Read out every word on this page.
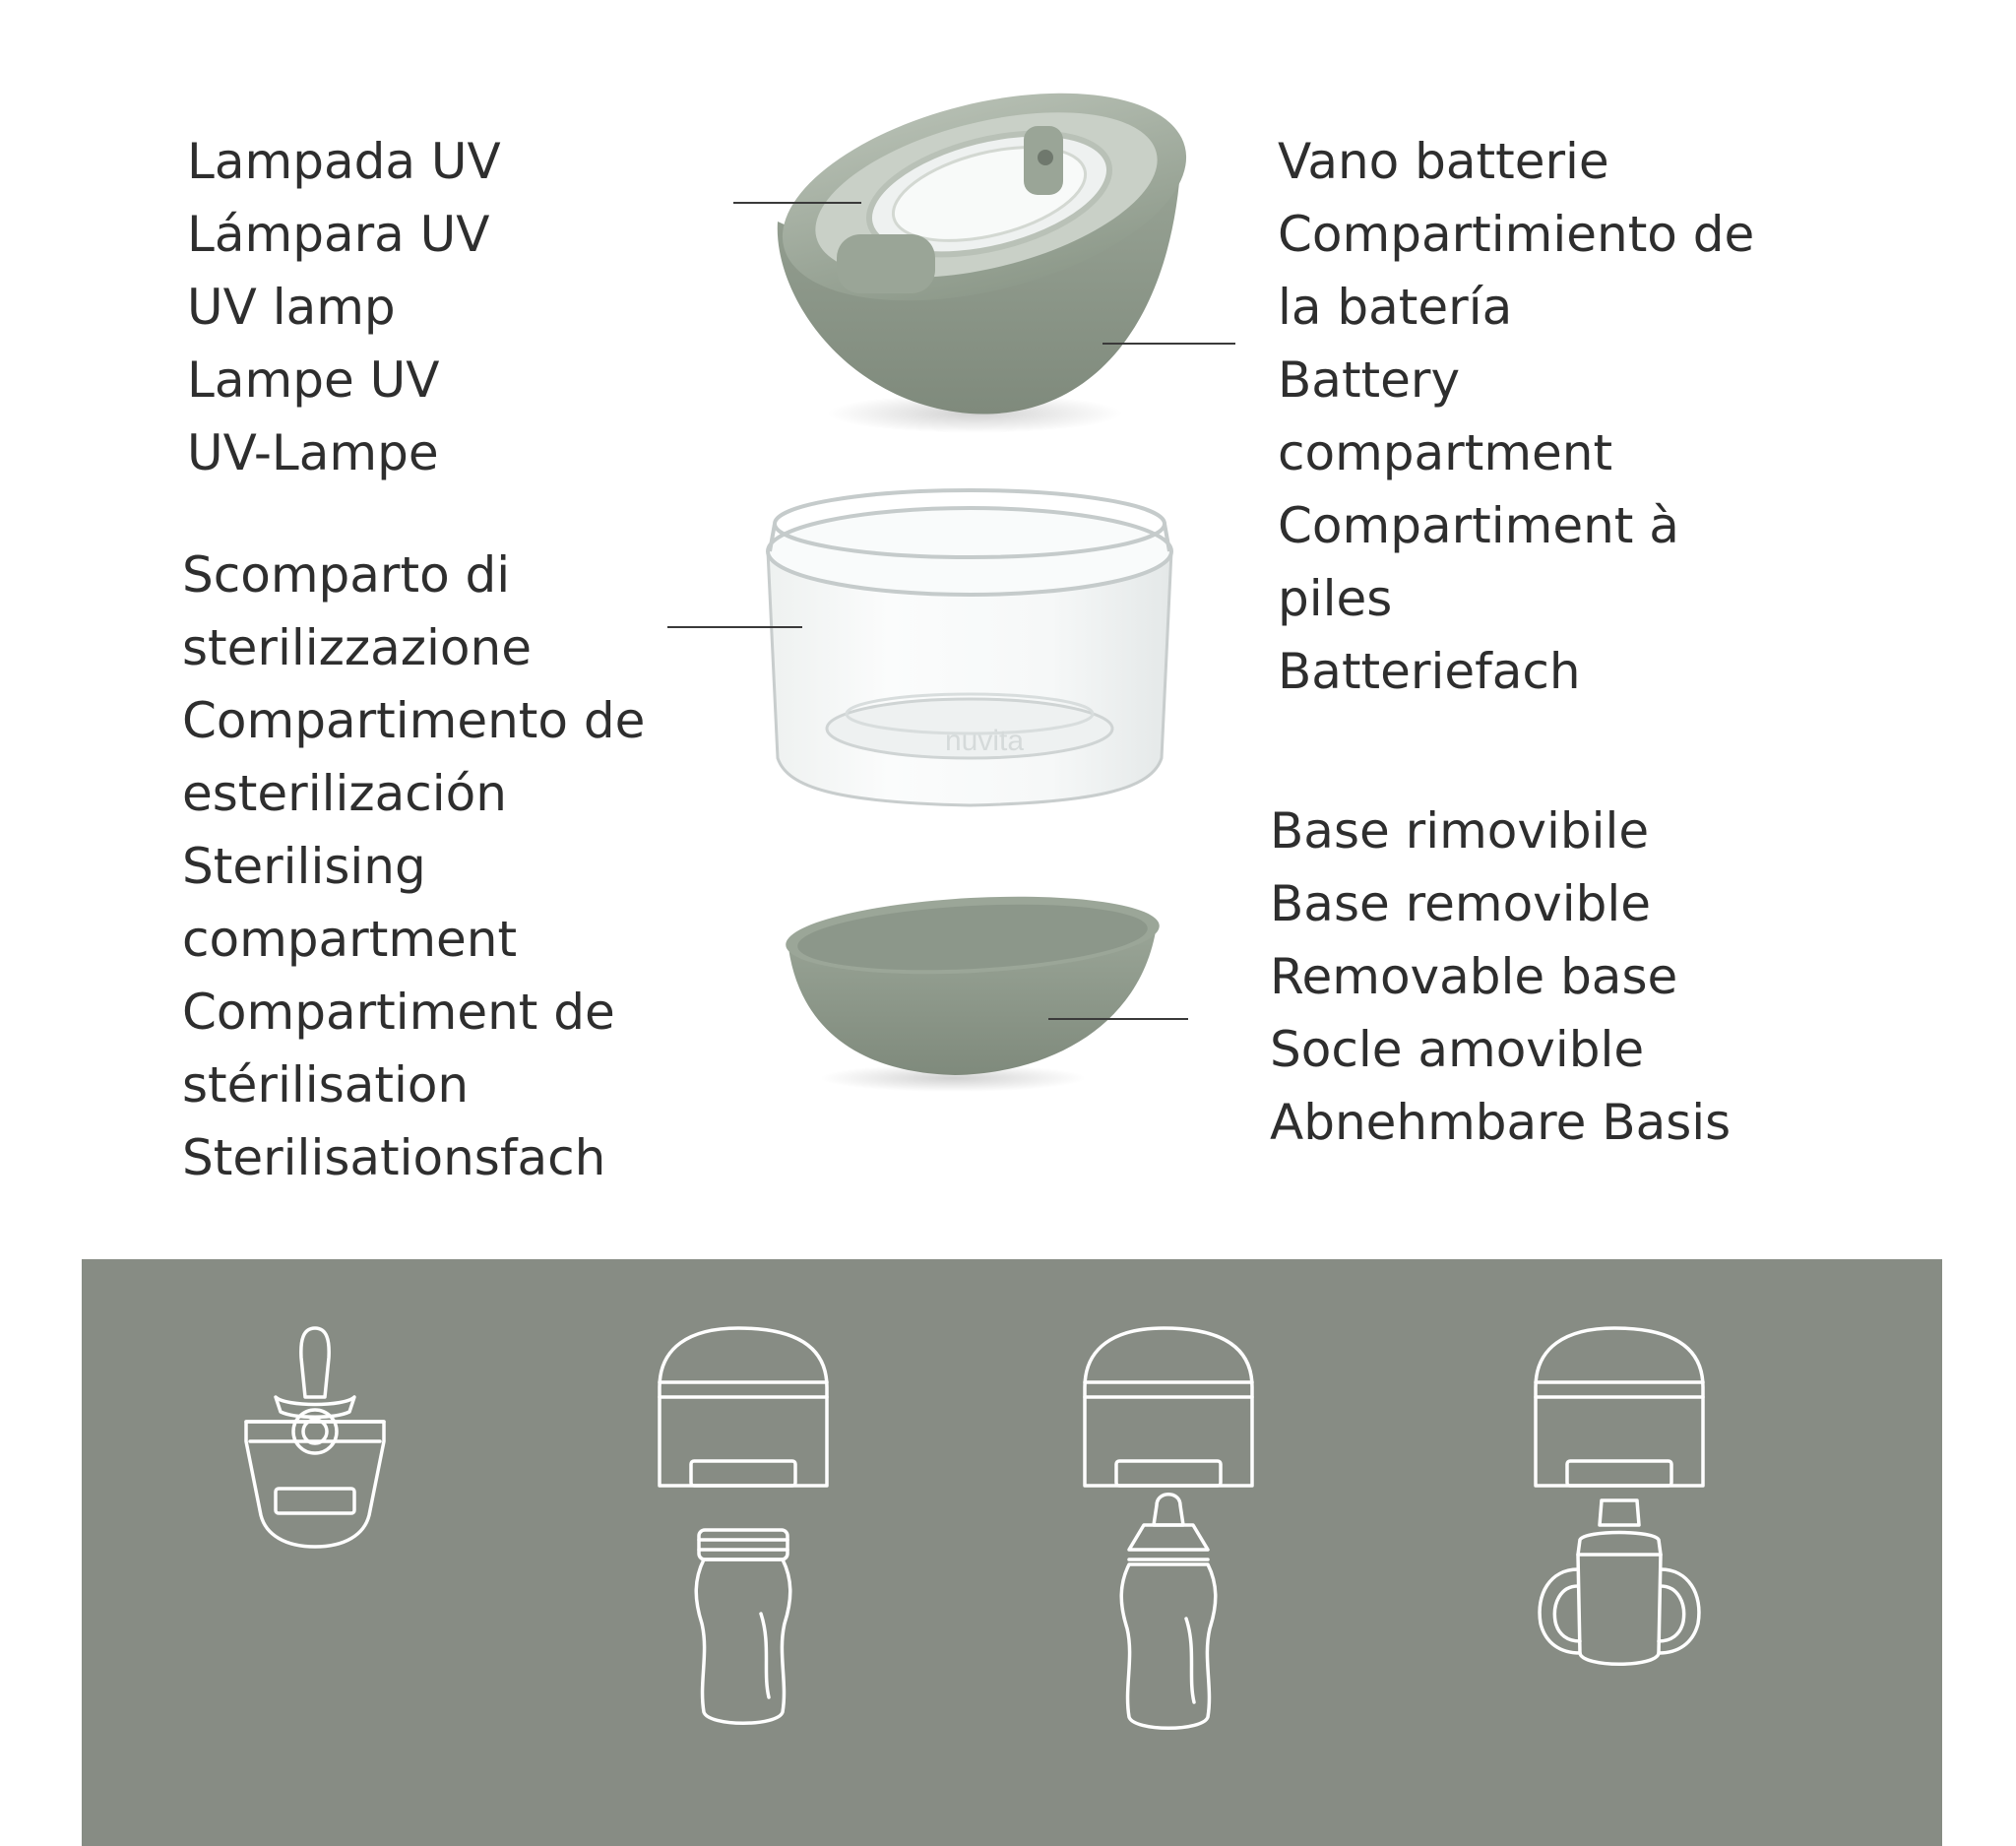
nuvita
Lampada UV
Lámpara UV
UV lamp
Lampe UV
UV-Lampe
Scomparto di
sterilizzazione
Compartimento de
esterilización
Sterilising
compartment
Compartiment de
stérilisation
Sterilisationsfach
Vano batterie
Compartimiento de
la batería
Battery
compartment
Compartiment à
piles
Batteriefach
Base rimovibile
Base removible
Removable base
Socle amovible
Abnehmbare Basis
